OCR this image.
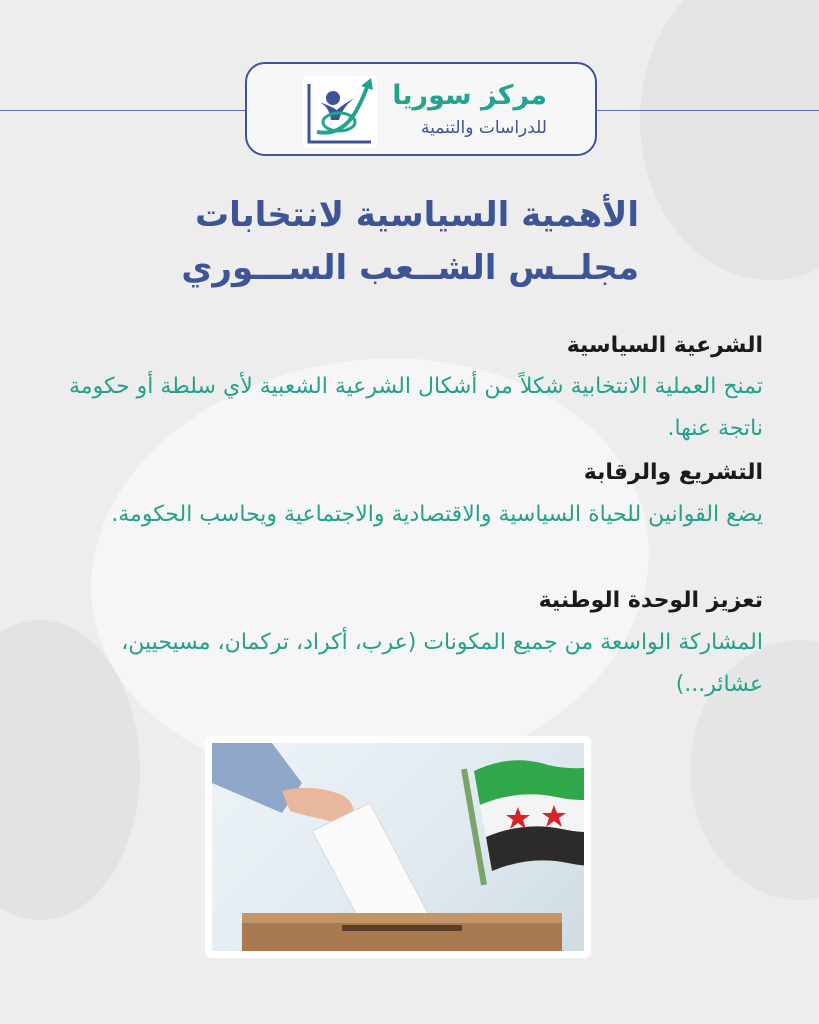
مركز سوريا
للدراسات والتنمية
الأهمية السياسية لانتخابات
مجلــس الشــعب الســـوري
الشرعية السياسية
تمنح العملية الانتخابية شكلاً من أشكال الشرعية الشعبية لأي سلطة أو حكومة ناتجة عنها.
التشريع والرقابة
يضع القوانين للحياة السياسية والاقتصادية والاجتماعية ويحاسب الحكومة.
تعزيز الوحدة الوطنية
المشاركة الواسعة من جميع المكونات (عرب، أكراد، تركمان، مسيحيين، عشائر...)
